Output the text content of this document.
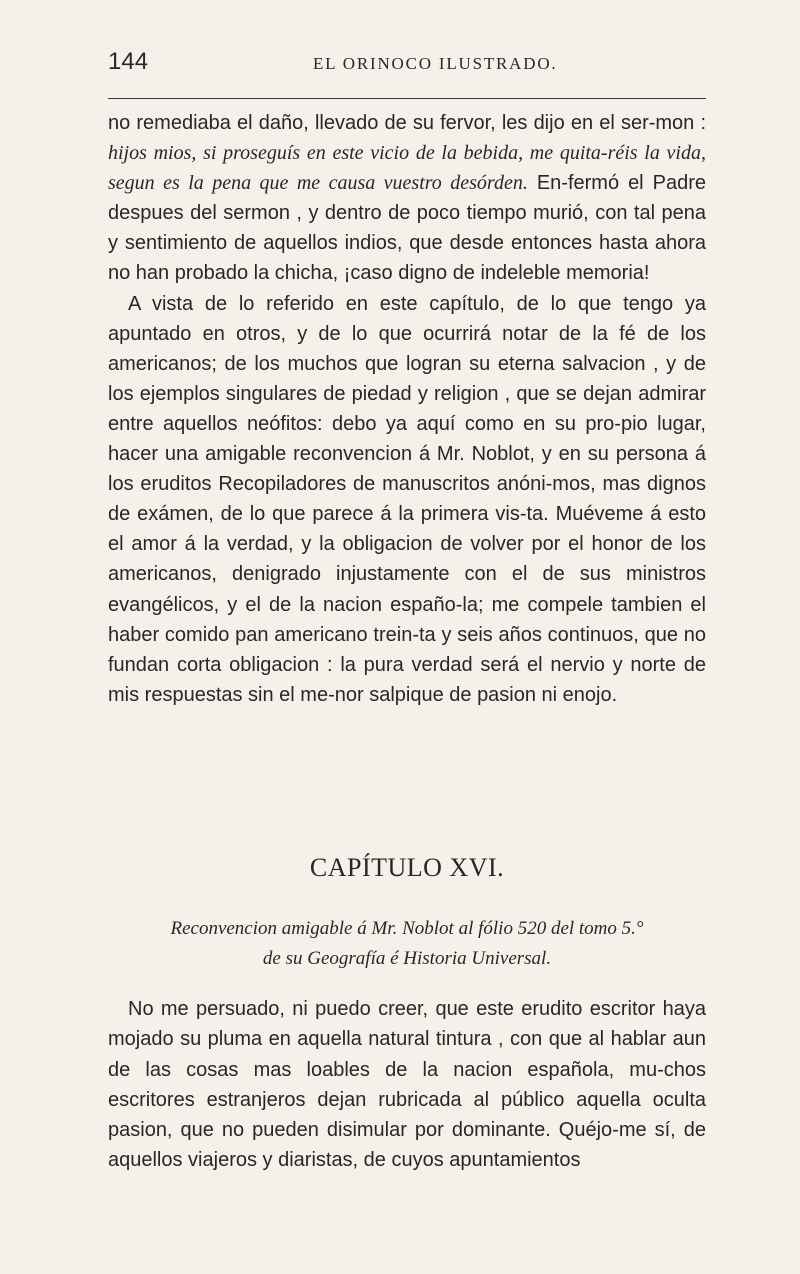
144	EL ORINOCO ILUSTRADO.

no remediaba el daño, llevado de su fervor, les dijo en el ser-mon : hijos mios, si proseguís en este vicio de la bebida, me quita-réis la vida, segun es la pena que me causa vuestro desórden. En-fermó el Padre despues del sermon , y dentro de poco tiempo murió, con tal pena y sentimiento de aquellos indios, que desde entonces hasta ahora no han probado la chicha, ¡caso digno de indeleble memoria!

A vista de lo referido en este capítulo, de lo que tengo ya apuntado en otros, y de lo que ocurrirá notar de la fé de los americanos; de los muchos que logran su eterna salvacion , y de los ejemplos singulares de piedad y religion , que se dejan admirar entre aquellos neófitos: debo ya aquí como en su pro-pio lugar, hacer una amigable reconvencion á Mr. Noblot, y en su persona á los eruditos Recopiladores de manuscritos anóni-mos, mas dignos de exámen, de lo que parece á la primera vis-ta. Muéveme á esto el amor á la verdad, y la obligacion de volver por el honor de los americanos, denigrado injustamente con el de sus ministros evangélicos, y el de la nacion españo-la; me compele tambien el haber comido pan americano trein-ta y seis años continuos, que no fundan corta obligacion : la pura verdad será el nervio y norte de mis respuestas sin el me-nor salpique de pasion ni enojo.

CAPÍTULO XVI.
Reconvencion amigable á Mr. Noblot al fólio 520 del tomo 5.°
de su Geografía é Historia Universal.

No me persuado, ni puedo creer, que este erudito escritor haya mojado su pluma en aquella natural tintura , con que al hablar aun de las cosas mas loables de la nacion española, mu-chos escritores estranjeros dejan rubricada al público aquella oculta pasion, que no pueden disimular por dominante. Quéjo-me sí, de aquellos viajeros y diaristas, de cuyos apuntamientos
